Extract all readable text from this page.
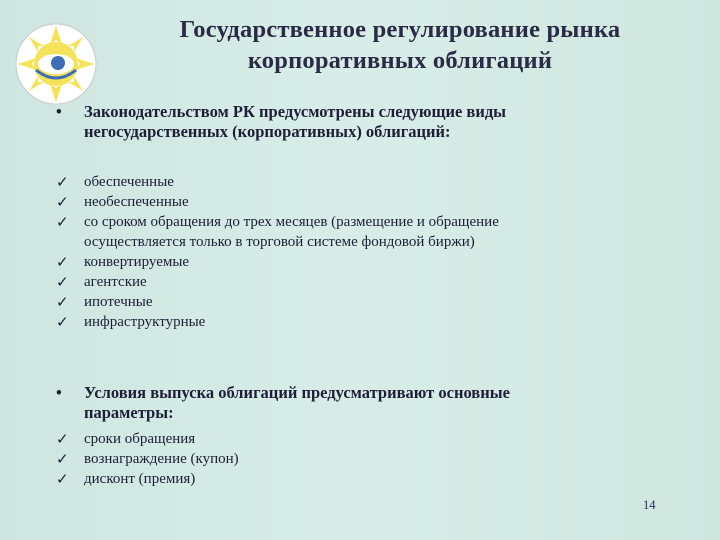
Государственное регулирование рынка
корпоративных облигаций
• Законодательством РК предусмотрены следующие виды
негосударственных (корпоративных) облигаций:
✓ обеспеченные
✓ необеспеченные
✓ со сроком обращения до трех месяцев (размещение и обращение
осуществляется только в торговой системе фондовой биржи)
✓ конвертируемые
✓ агентские
✓ ипотечные
✓ инфраструктурные
• Условия выпуска облигаций предусматривают основные
параметры:
✓ сроки обращения
✓ вознаграждение (купон)
✓ дисконт (премия)
14
